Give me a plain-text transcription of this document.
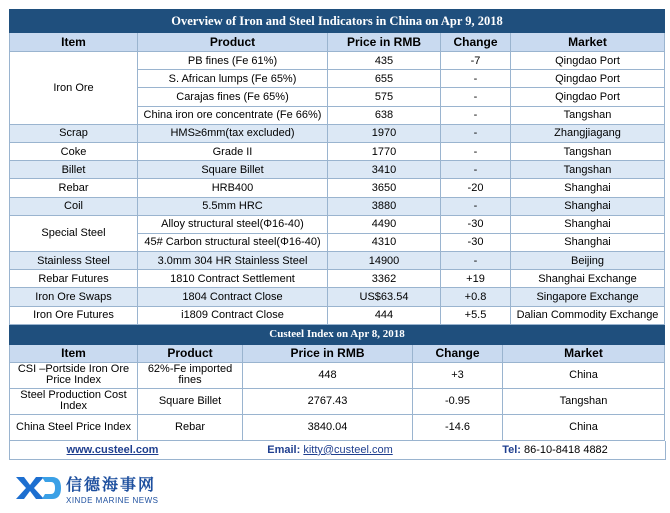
Overview of Iron and Steel Indicators in China on Apr 9, 2018				
Item	Product	Price in RMB	Change	Market
Iron Ore	PB fines (Fe 61%)	435	-7	Qingdao Port
	S. African lumps (Fe 65%)	655	-	Qingdao Port
	Carajas fines (Fe 65%)	575	-	Qingdao Port
	China iron ore concentrate (Fe 66%)	638	-	Tangshan
Scrap	HMS≥6mm(tax excluded)	1970	-	Zhangjiagang
Coke	Grade II	1770	-	Tangshan
Billet	Square Billet	3410	-	Tangshan
Rebar	HRB400	3650	-20	Shanghai
Coil	5.5mm HRC	3880	-	Shanghai
Special Steel	Alloy structural steel(Φ16-40)	4490	-30	Shanghai
	45# Carbon structural steel(Φ16-40)	4310	-30	Shanghai
Stainless Steel	3.0mm 304 HR Stainless Steel	14900	-	Beijing
Rebar Futures	1810 Contract Settlement	3362	+19	Shanghai Exchange
Iron Ore Swaps	1804 Contract Close	US$63.54	+0.8	Singapore Exchange
Iron Ore Futures	i1809 Contract Close	444	+5.5	Dalian Commodity Exchange
Custeel Index on Apr 8, 2018				
Item	Product	Price in RMB	Change	Market
CSI –Portside Iron Ore Price Index	62%-Fe imported fines	448	+3	China
Steel Production Cost Index	Square Billet	2767.43	-0.95	Tangshan
China Steel Price Index	Rebar	3840.04	-14.6	China
www.custeel.com	Email: kitty@custeel.com	Tel: 86-10-8418 4882
信德海事网
XINDE MARINE NEWS
